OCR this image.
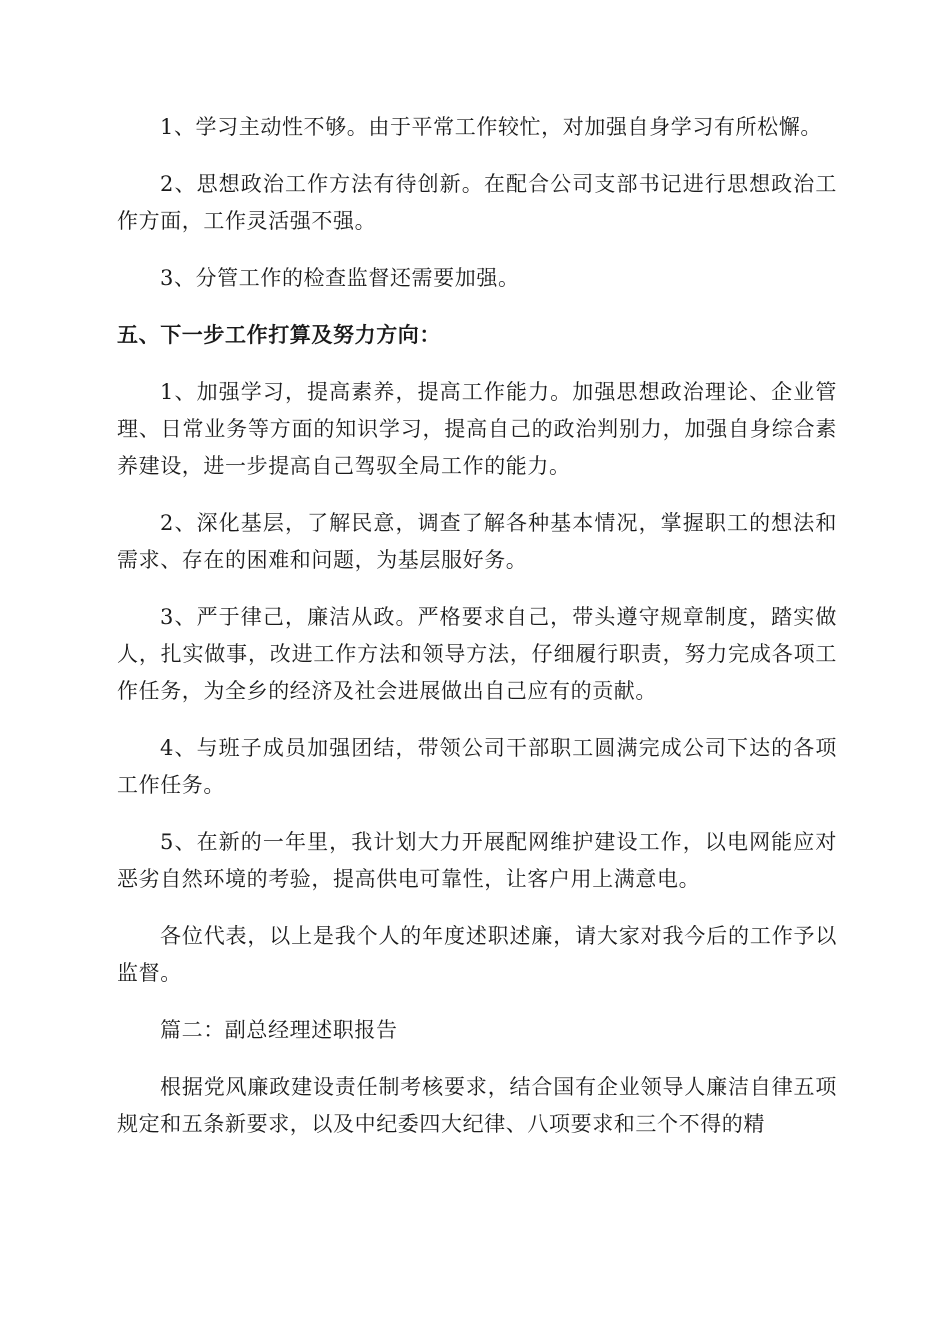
1、学习主动性不够。由于平常工作较忙，对加强自身学习有所松懈。

2、思想政治工作方法有待创新。在配合公司支部书记进行思想政治工作方面，工作灵活强不强。

3、分管工作的检查监督还需要加强。

五、下一步工作打算及努力方向：

1、加强学习，提高素养，提高工作能力。加强思想政治理论、企业管理、日常业务等方面的知识学习，提高自己的政治判别力，加强自身综合素养建设，进一步提高自己驾驭全局工作的能力。

2、深化基层，了解民意，调查了解各种基本情况，掌握职工的想法和需求、存在的困难和问题，为基层服好务。

3、严于律己，廉洁从政。严格要求自己，带头遵守规章制度，踏实做人，扎实做事，改进工作方法和领导方法，仔细履行职责，努力完成各项工作任务，为全乡的经济及社会进展做出自己应有的贡献。

4、与班子成员加强团结，带领公司干部职工圆满完成公司下达的各项工作任务。

5、在新的一年里，我计划大力开展配网维护建设工作，以电网能应对恶劣自然环境的考验，提高供电可靠性，让客户用上满意电。

各位代表，以上是我个人的年度述职述廉，请大家对我今后的工作予以监督。

篇二：副总经理述职报告

根据党风廉政建设责任制考核要求，结合国有企业领导人廉洁自律五项规定和五条新要求，以及中纪委四大纪律、八项要求和三个不得的精
